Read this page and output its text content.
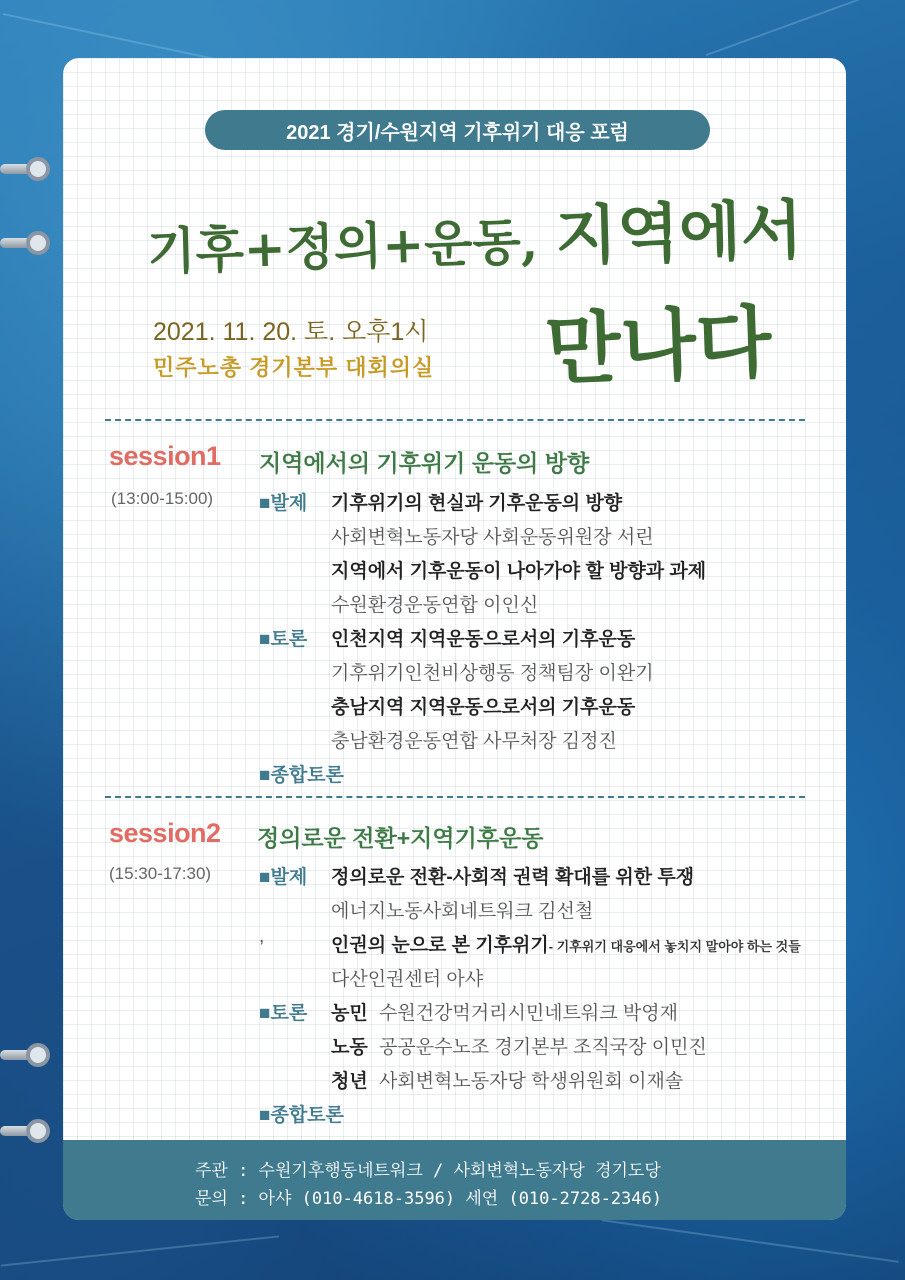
2021 경기/수원지역 기후위기 대응 포럼
기후+정의+운동, 지역에서
만나다
2021. 11. 20. 토. 오후1시
민주노총 경기본부 대회의실
session1
(13:00-15:00)
지역에서의 기후위기 운동의 방향
■발제 기후위기의 현실과 기후운동의 방향
사회변혁노동자당 사회운동위원장 서린
지역에서 기후운동이 나아가야 할 방향과 과제
수원환경운동연합 이인신
■토론 인천지역 지역운동으로서의 기후운동
기후위기인천비상행동 정책팀장 이완기
충남지역 지역운동으로서의 기후운동
충남환경운동연합 사무처장 김정진
■종합토론
session2
(15:30-17:30)
정의로운 전환+지역기후운동
■발제 정의로운 전환-사회적 권력 확대를 위한 투쟁
에너지노동사회네트워크 김선철
,	인권의 눈으로 본 기후위기- 기후위기 대응에서 놓치지 말아야 하는 것들
다산인권센터 아샤
■토론 농민 수원건강먹거리시민네트워크 박영재
노동 공공운수노조 경기본부 조직국장 이민진
청년 사회변혁노동자당 학생위원회 이재솔
■종합토론
주관 : 수원기후행동네트워크 / 사회변혁노동자당 경기도당
문의 : 아샤 (010-4618-3596) 세연 (010-2728-2346)
